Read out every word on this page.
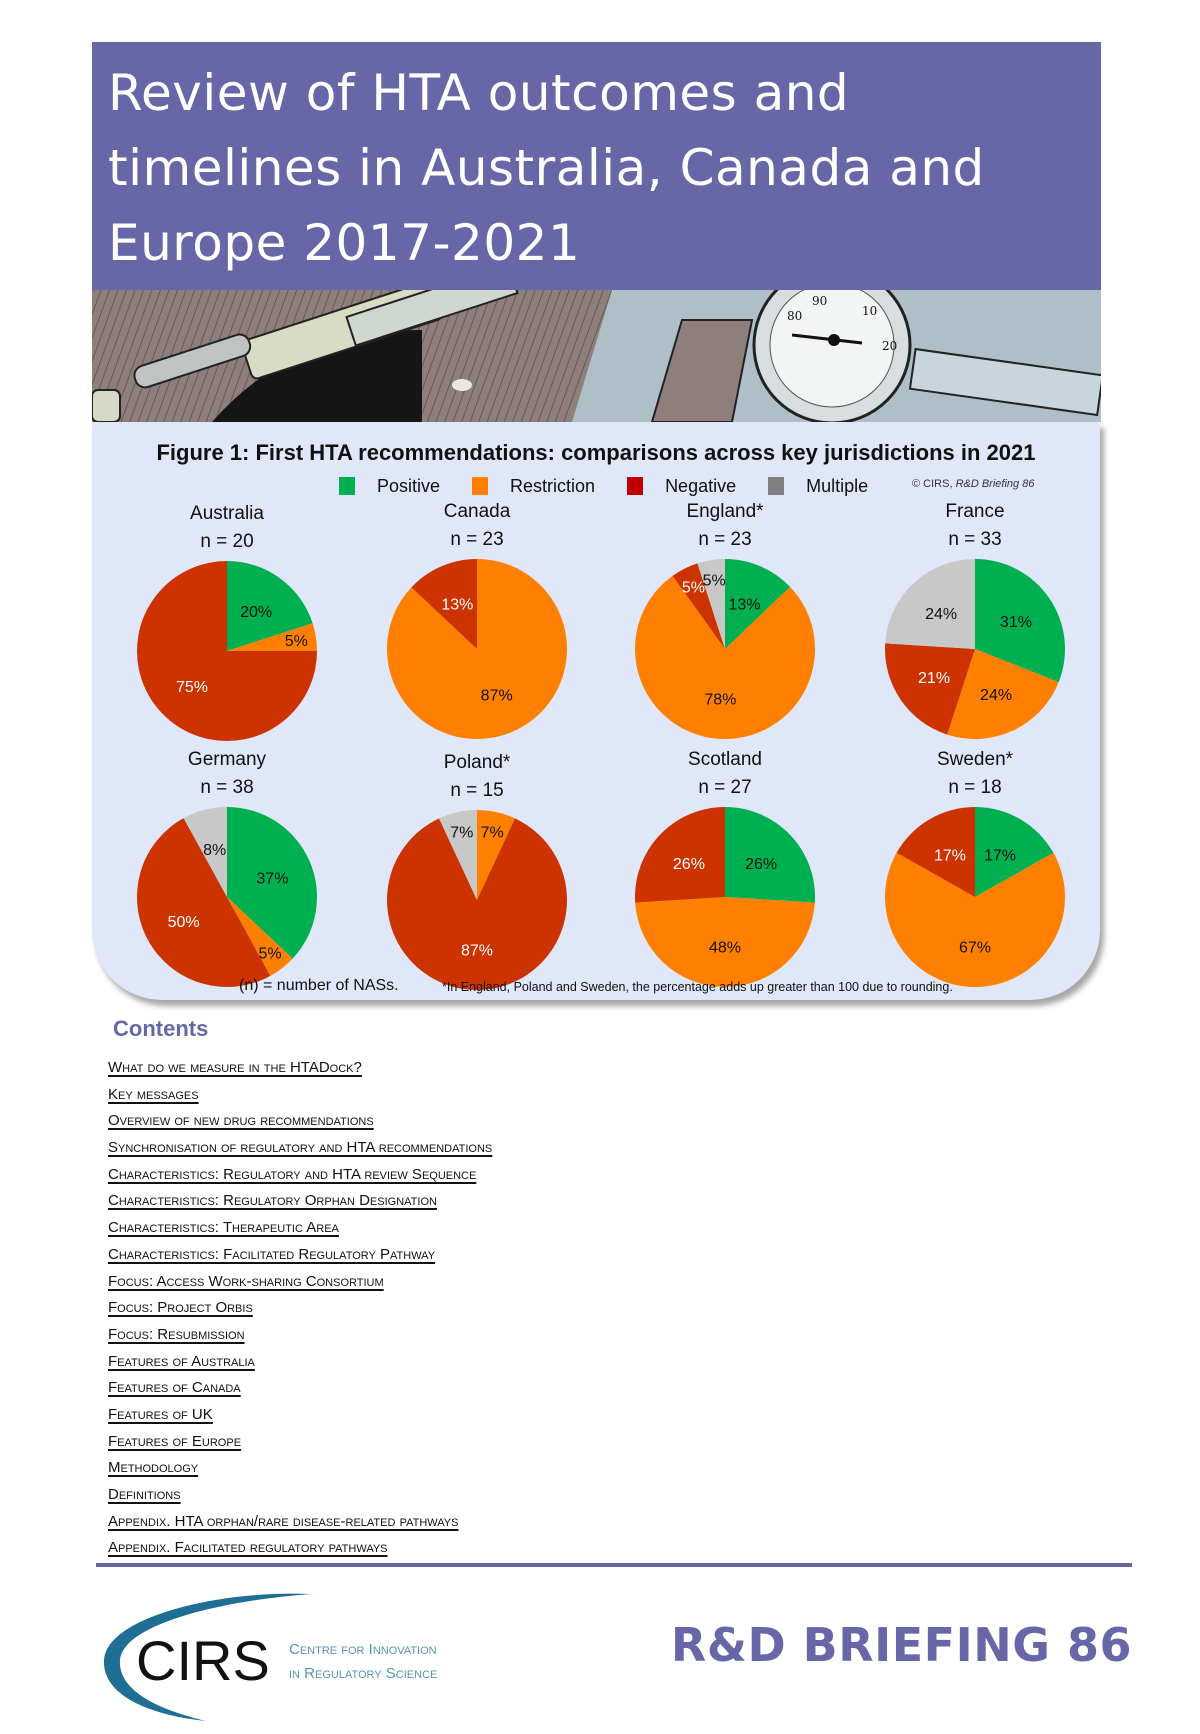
Review of HTA outcomes and
timelines in Australia, Canada and
Europe 2017-2021
80
90
10
20
Figure 1: First HTA recommendations: comparisons across key jurisdictions in 2021
Positive	Restriction	Negative	Multiple	© CIRS, R&D Briefing 86
Australia
n = 20
20%
5%
75%
Canada
n = 23
87%
13%
England*
n = 23
13%
78%
5%
5%
France
n = 33
31%
24%
21%
24%
Germany
n = 38
37%
5%
50%
8%
Poland*
n = 15
7%
87%
7%
Scotland
n = 27
26%
48%
26%
Sweden*
n = 18
17%
67%
17%
(n) = number of NASs.	*In England, Poland and Sweden, the percentage adds up greater than 100 due to rounding.
Contents
What do we measure in the HTADock?
Key messages
Overview of new drug recommendations
Synchronisation of regulatory and HTA recommendations
Characteristics: Regulatory and HTA review Sequence
Characteristics: Regulatory Orphan Designation
Characteristics: Therapeutic Area
Characteristics: Facilitated Regulatory Pathway
Focus: Access Work-sharing Consortium
Focus: Project Orbis
Focus: Resubmission
Features of Australia
Features of Canada
Features of UK
Features of Europe
Methodology
Definitions
Appendix. HTA orphan/rare disease-related pathways
Appendix. Facilitated regulatory pathways
CIRS Centre for Innovation
in Regulatory Science
R&D BRIEFING 86
